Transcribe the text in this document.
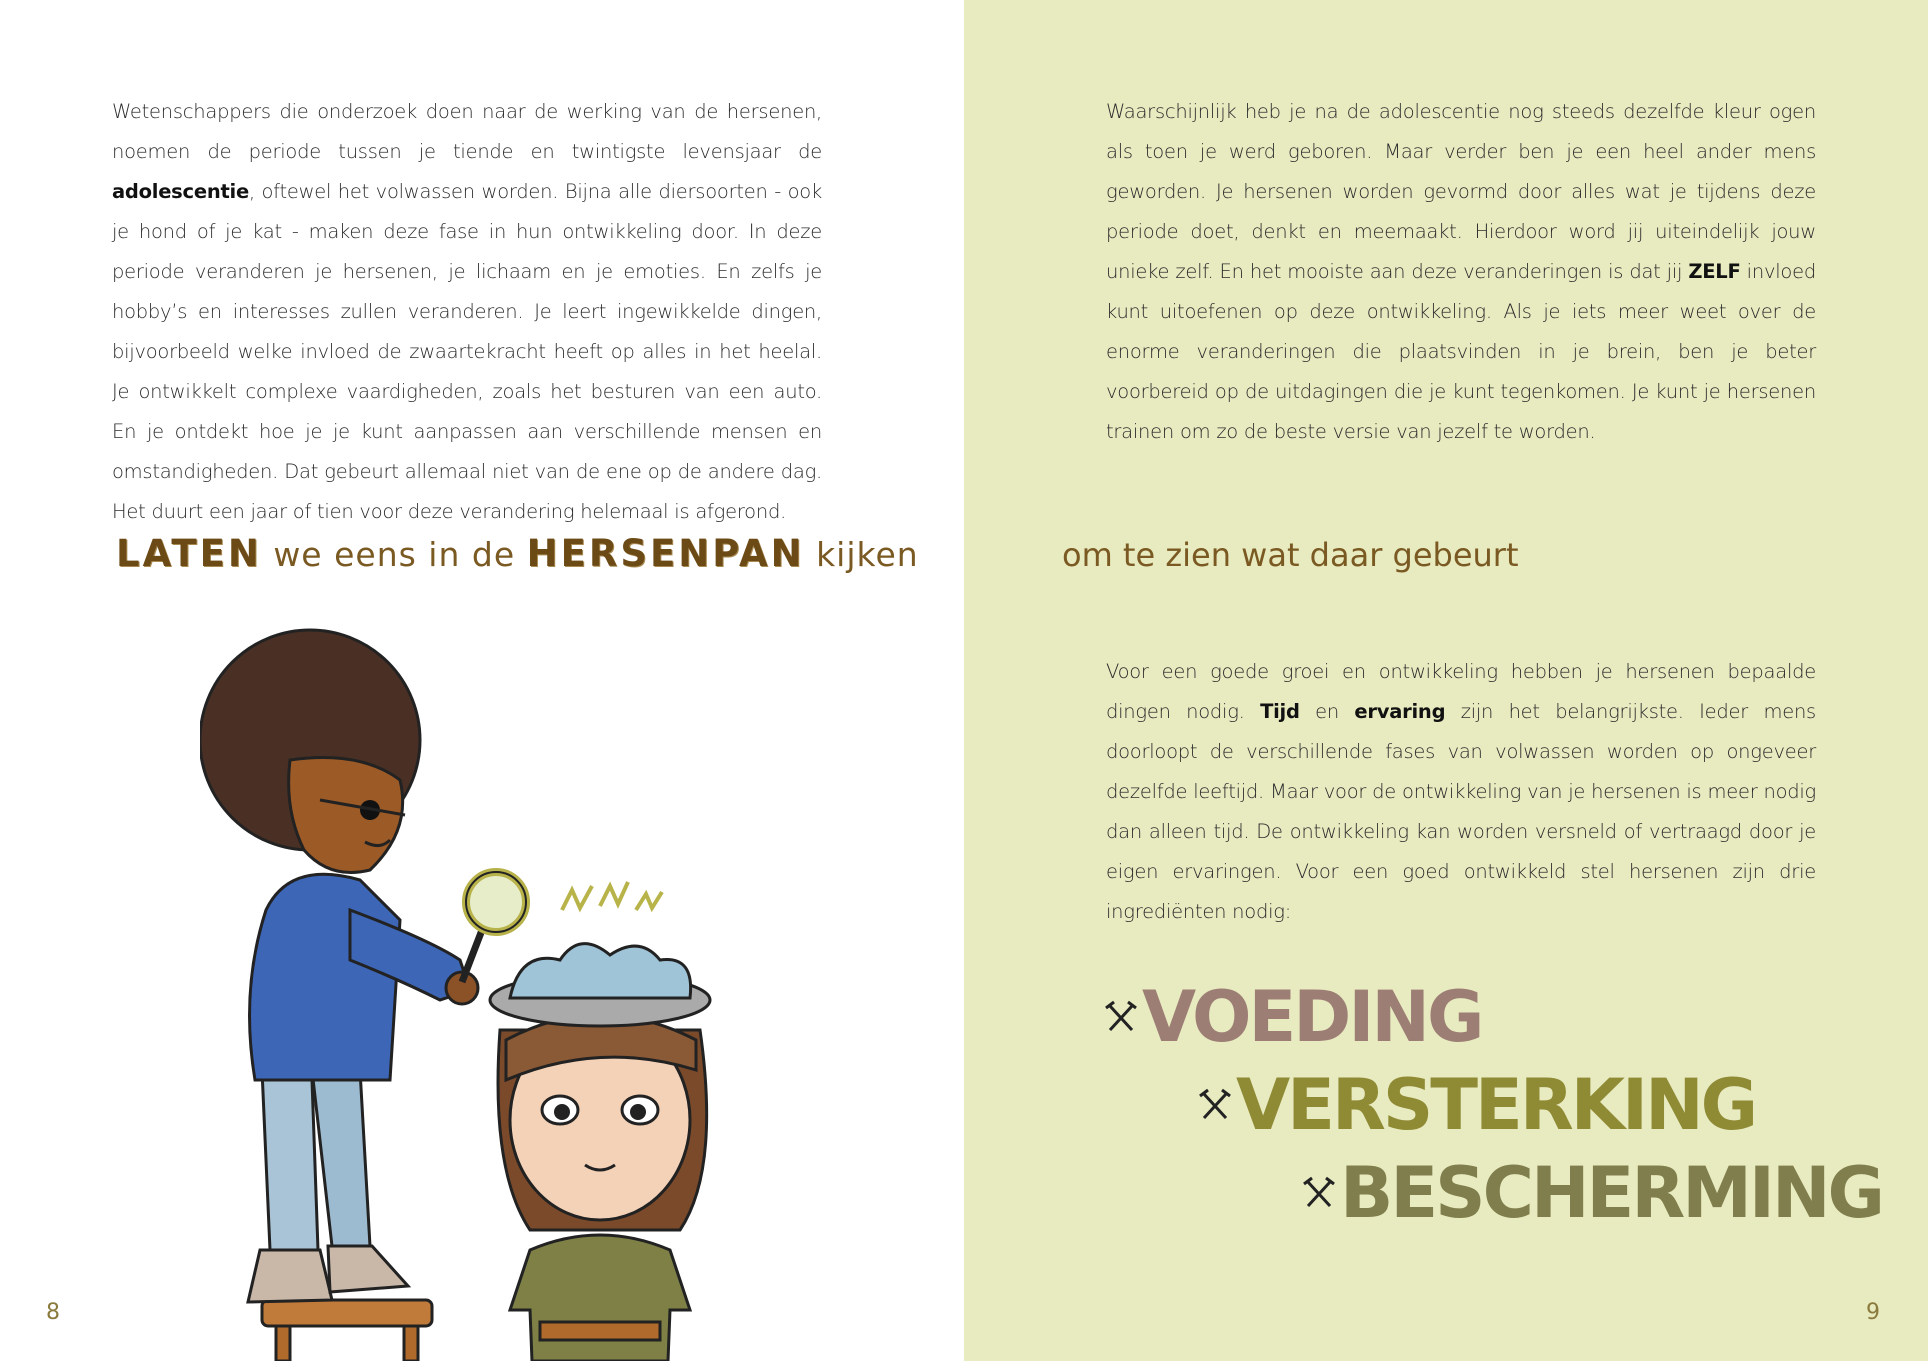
Wetenschappers die onderzoek doen naar de werking van de hersenen, noemen de periode tussen je tiende en twintigste levensjaar de adolescentie, oftewel het volwassen worden. Bijna alle diersoorten - ook je hond of je kat - maken deze fase in hun ontwikkeling door. In deze periode veranderen je hersenen, je lichaam en je emoties. En zelfs je hobby’s en interesses zullen veranderen. Je leert ingewikkelde dingen, bijvoorbeeld welke invloed de zwaartekracht heeft op alles in het heelal. Je ontwikkelt complexe vaardigheden, zoals het besturen van een auto. En je ontdekt hoe je je kunt aanpassen aan verschillende mensen en omstandigheden. Dat gebeurt allemaal niet van de ene op de andere dag. Het duurt een jaar of tien voor deze verandering helemaal is afgerond.

LATEN we eens in de HERSENPAN kijken
8

Waarschijnlijk heb je na de adolescentie nog steeds dezelfde kleur ogen als toen je werd geboren. Maar verder ben je een heel ander mens geworden. Je hersenen worden gevormd door alles wat je tijdens deze periode doet, denkt en meemaakt. Hierdoor word jij uiteindelijk jouw unieke zelf. En het mooiste aan deze veranderingen is dat jij ZELF invloed kunt uitoefenen op deze ontwikkeling. Als je iets meer weet over de enorme veranderingen die plaatsvinden in je brein, ben je beter voorbereid op de uitdagingen die je kunt tegenkomen. Je kunt je hersenen trainen om zo de beste versie van jezelf te worden.

om te zien wat daar gebeurt

Voor een goede groei en ontwikkeling hebben je hersenen bepaalde dingen nodig. Tijd en ervaring zijn het belangrijkste. Ieder mens doorloopt de verschillende fases van volwassen worden op ongeveer dezelfde leeftijd. Maar voor de ontwikkeling van je hersenen is meer nodig dan alleen tijd. De ontwikkeling kan worden versneld of vertraagd door je eigen ervaringen. Voor een goed ontwikkeld stel hersenen zijn drie ingrediënten nodig:

VOEDING
VERSTERKING
BESCHERMING
9
